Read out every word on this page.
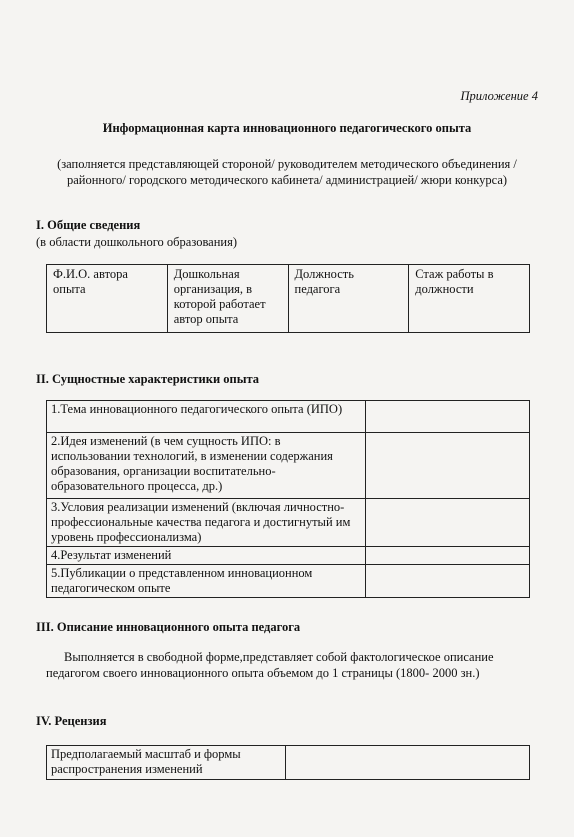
Приложение 4
Информационная карта инновационного педагогического опыта
(заполняется представляющей стороной/ руководителем методического объединения / районного/ городского методического кабинета/ администрацией/ жюри конкурса)
I. Общие сведения
(в области дошкольного образования)
Ф.И.О. автора опыта	Дошкольная организация, в которой работает автор опыта	Должность педагога	Стаж работы в должности
II. Сущностные характеристики опыта
1.Тема инновационного педагогического опыта (ИПО)	
2.Идея изменений (в чем сущность ИПО: в использовании технологий, в изменении содержания образования, организации воспитательно- образовательного процесса, др.)	
3.Условия реализации изменений (включая личностно-профессиональные качества педагога и достигнутый им уровень профессионализма)	
4.Результат изменений	
5.Публикации о представленном инновационном педагогическом опыте	
III. Описание инновационного опыта педагога
Выполняется в свободной форме,представляет собой фактологическое описание педагогом своего инновационного опыта объемом до 1 страницы (1800- 2000 зн.)
IV. Рецензия
Предполагаемый масштаб и формы распространения изменений	
